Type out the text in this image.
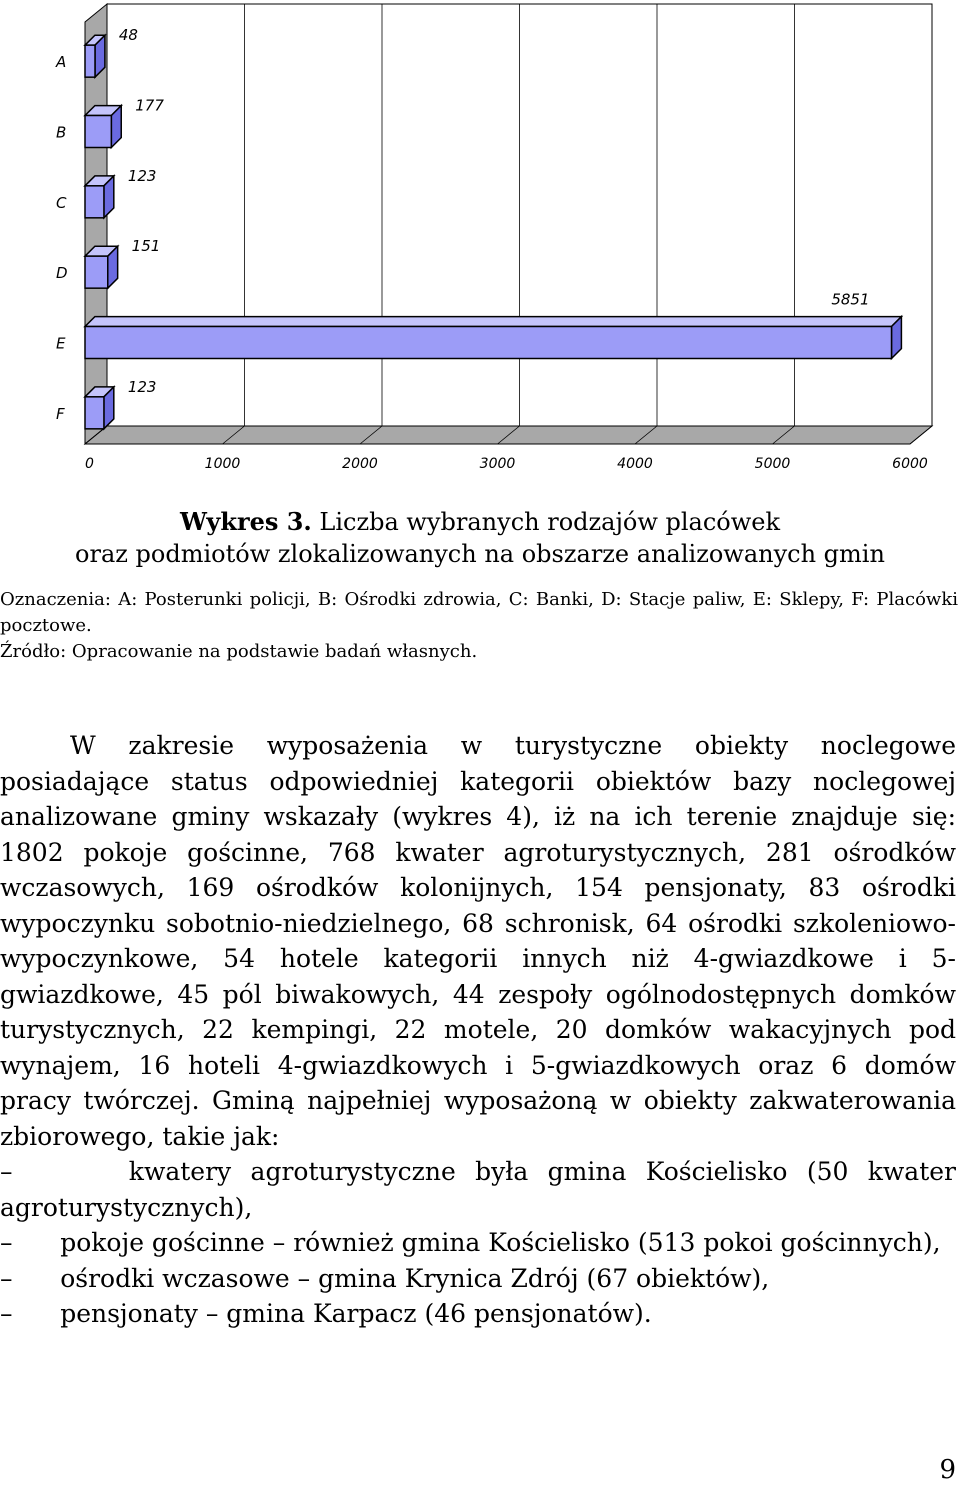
0	1000	2000	3000	4000	5000	6000
A
48
B
177
C
123
D
151
E
5851
F
123
Wykres 3. Liczba wybranych rodzajów placówek
oraz podmiotów zlokalizowanych na obszarze analizowanych gmin

Oznaczenia: A: Posterunki policji, B: Ośrodki zdrowia, C: Banki, D: Stacje paliw, E: Sklepy, F: Placówki pocztowe.

Źródło: Opracowanie na podstawie badań własnych.

W zakresie wyposażenia w turystyczne obiekty noclegowe posiadające status odpowiedniej kategorii obiektów bazy noclegowej analizowane gminy wskazały (wykres 4), iż na ich terenie znajduje się: 1802 pokoje gościnne, 768 kwater agroturystycznych, 281 ośrodków wczasowych, 169 ośrodków kolonijnych, 154 pensjonaty, 83 ośrodki wypoczynku sobotnio-niedzielnego, 68 schronisk, 64 ośrodki szkoleniowo-wypoczynkowe, 54 hotele kategorii innych niż 4-gwiazdkowe i 5-gwiazdkowe, 45 pól biwakowych, 44 zespoły ogólnodostępnych domków turystycznych, 22 kempingi, 22 motele, 20 domków wakacyjnych pod wynajem, 16 hoteli 4-gwiazdkowych i 5-gwiazdkowych oraz 6 domów pracy twórczej. Gminą najpełniej wyposażoną w obiekty zakwaterowania zbiorowego, takie jak:

–	kwatery agroturystyczne była gmina Kościelisko (50 kwater agroturystycznych),

– pokoje gościnne – również gmina Kościelisko (513 pokoi gościnnych),

– ośrodki wczasowe – gmina Krynica Zdrój (67 obiektów),

– pensjonaty – gmina Karpacz (46 pensjonatów).

9
